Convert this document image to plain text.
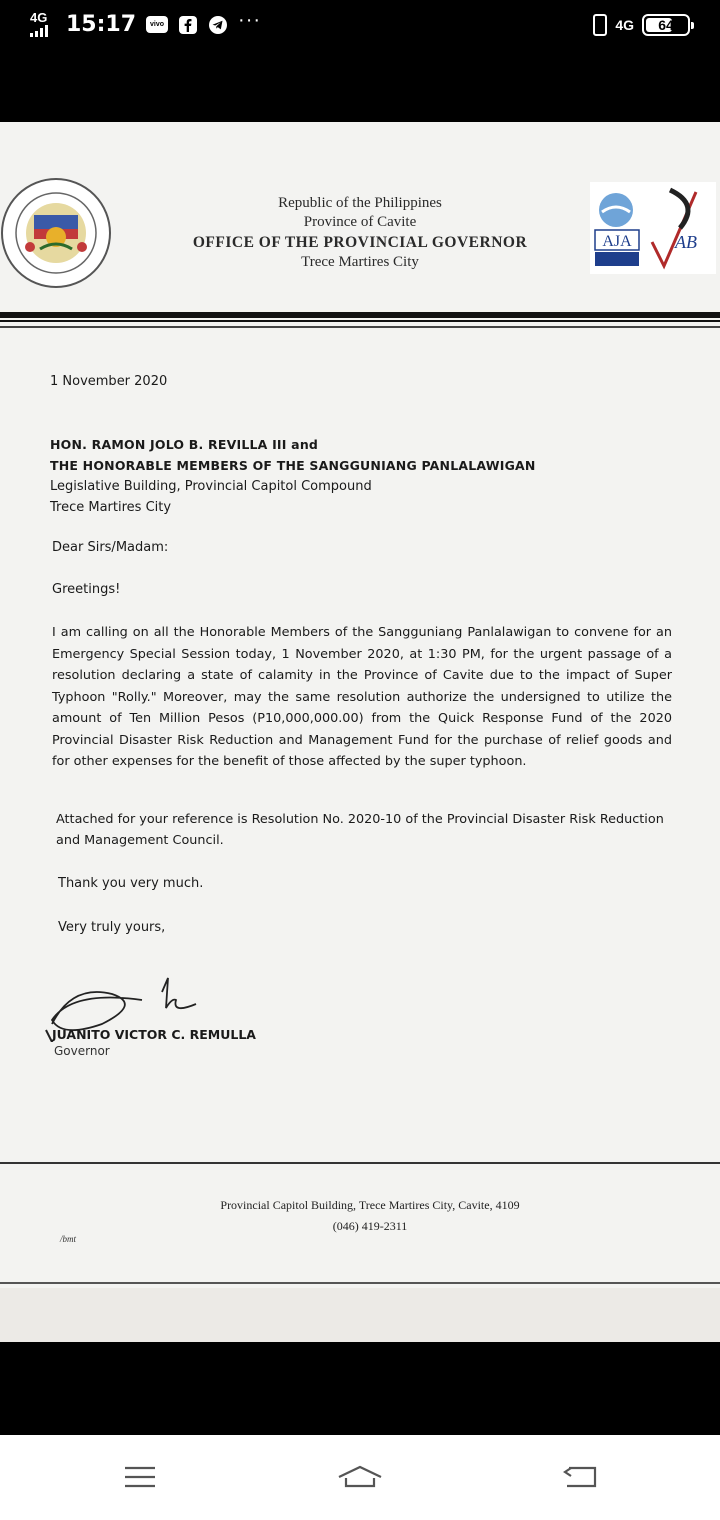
4G 15:17	vivo	···	4G 64
Republic of the Philippines
Province of Cavite
OFFICE OF THE PROVINCIAL GOVERNOR
Trece Martires City
AJA AB
1 November 2020
HON. RAMON JOLO B. REVILLA III and
THE HONORABLE MEMBERS OF THE SANGGUNIANG PANLALAWIGAN
Legislative Building, Provincial Capitol Compound
Trece Martires City
Dear Sirs/Madam:
Greetings!
I am calling on all the Honorable Members of the Sangguniang Panlalawigan to convene for an Emergency Special Session today, 1 November 2020, at 1:30 PM, for the urgent passage of a resolution declaring a state of calamity in the Province of Cavite due to the impact of Super Typhoon "Rolly." Moreover, may the same resolution authorize the undersigned to utilize the amount of Ten Million Pesos (P10,000,000.00) from the Quick Response Fund of the 2020 Provincial Disaster Risk Reduction and Management Fund for the purchase of relief goods and for other expenses for the benefit of those affected by the super typhoon.
Attached for your reference is Resolution No. 2020-10 of the Provincial Disaster Risk Reduction and Management Council.
Thank you very much.
Very truly yours,
JUANITO VICTOR C. REMULLA
Governor
Provincial Capitol Building, Trece Martires City, Cavite, 4109
(046) 419-2311
/bmt
